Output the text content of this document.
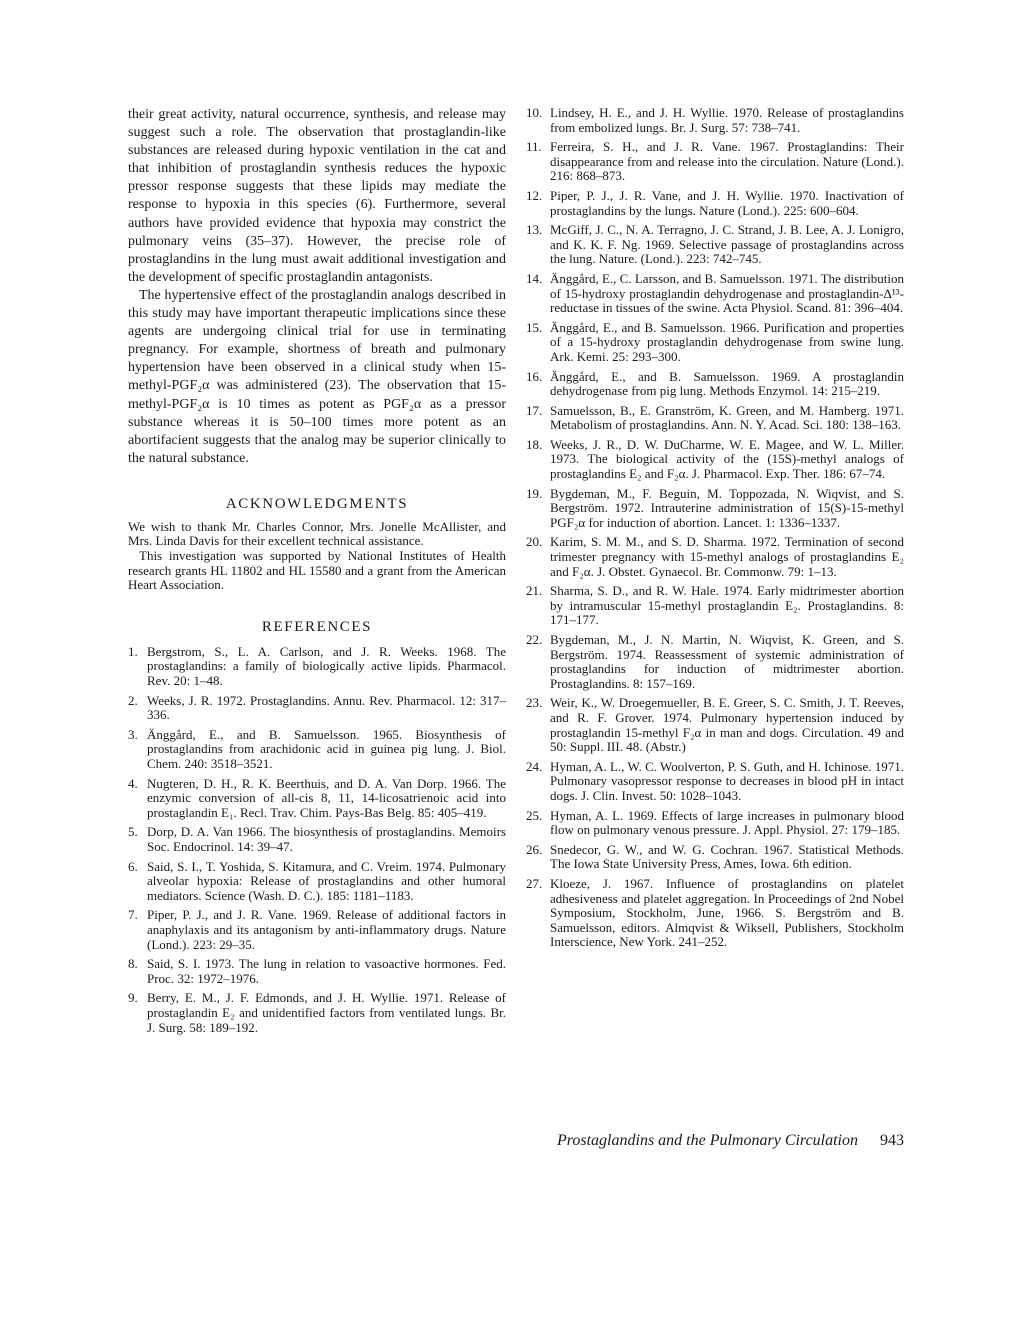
their great activity, natural occurrence, synthesis, and release may suggest such a role. The observation that prostaglandin-like substances are released during hypoxic ventilation in the cat and that inhibition of prostaglandin synthesis reduces the hypoxic pressor response suggests that these lipids may mediate the response to hypoxia in this species (6). Furthermore, several authors have provided evidence that hypoxia may constrict the pulmonary veins (35–37). However, the precise role of prostaglandins in the lung must await additional investigation and the development of specific prostaglandin antagonists.

The hypertensive effect of the prostaglandin analogs described in this study may have important therapeutic implications since these agents are undergoing clinical trial for use in terminating pregnancy. For example, shortness of breath and pulmonary hypertension have been observed in a clinical study when 15-methyl-PGF₂α was administered (23). The observation that 15-methyl-PGF₂α is 10 times as potent as PGF₂α as a pressor substance whereas it is 50–100 times more potent as an abortifacient suggests that the analog may be superior clinically to the natural substance.

ACKNOWLEDGMENTS

We wish to thank Mr. Charles Connor, Mrs. Jonelle McAllister, and Mrs. Linda Davis for their excellent technical assistance.

This investigation was supported by National Institutes of Health research grants HL 11802 and HL 15580 and a grant from the American Heart Association.

REFERENCES
1. Bergstrom, S., L. A. Carlson, and J. R. Weeks. 1968. The prostaglandins: a family of biologically active lipids. Pharmacol. Rev. 20: 1–48.
2. Weeks, J. R. 1972. Prostaglandins. Annu. Rev. Pharmacol. 12: 317–336.
3. Änggård, E., and B. Samuelsson. 1965. Biosynthesis of prostaglandins from arachidonic acid in guinea pig lung. J. Biol. Chem. 240: 3518–3521.
4. Nugteren, D. H., R. K. Beerthuis, and D. A. Van Dorp. 1966. The enzymic conversion of all-cis 8, 11, 14-licosatrienoic acid into prostaglandin E₁. Recl. Trav. Chim. Pays-Bas Belg. 85: 405–419.
5. Dorp, D. A. Van 1966. The biosynthesis of prostaglandins. Memoirs Soc. Endocrinol. 14: 39–47.
6. Said, S. I., T. Yoshida, S. Kitamura, and C. Vreim. 1974. Pulmonary alveolar hypoxia: Release of prostaglandins and other humoral mediators. Science (Wash. D. C.). 185: 1181–1183.
7. Piper, P. J., and J. R. Vane. 1969. Release of additional factors in anaphylaxis and its antagonism by anti-inflammatory drugs. Nature (Lond.). 223: 29–35.
8. Said, S. I. 1973. The lung in relation to vasoactive hormones. Fed. Proc. 32: 1972–1976.
9. Berry, E. M., J. F. Edmonds, and J. H. Wyllie. 1971. Release of prostaglandin E₂ and unidentified factors from ventilated lungs. Br. J. Surg. 58: 189–192.
10. Lindsey, H. E., and J. H. Wyllie. 1970. Release of prostaglandins from embolized lungs. Br. J. Surg. 57: 738–741.
11. Ferreira, S. H., and J. R. Vane. 1967. Prostaglandins: Their disappearance from and release into the circulation. Nature (Lond.). 216: 868–873.
12. Piper, P. J., J. R. Vane, and J. H. Wyllie. 1970. Inactivation of prostaglandins by the lungs. Nature (Lond.). 225: 600–604.
13. McGiff, J. C., N. A. Terragno, J. C. Strand, J. B. Lee, A. J. Lonigro, and K. K. F. Ng. 1969. Selective passage of prostaglandins across the lung. Nature. (Lond.). 223: 742–745.
14. Änggård, E., C. Larsson, and B. Samuelsson. 1971. The distribution of 15-hydroxy prostaglandin dehydrogenase and prostaglandin-Δ¹³-reductase in tissues of the swine. Acta Physiol. Scand. 81: 396–404.
15. Änggård, E., and B. Samuelsson. 1966. Purification and properties of a 15-hydroxy prostaglandin dehydrogenase from swine lung. Ark. Kemi. 25: 293–300.
16. Änggård, E., and B. Samuelsson. 1969. A prostaglandin dehydrogenase from pig lung. Methods Enzymol. 14: 215–219.
17. Samuelsson, B., E. Granström, K. Green, and M. Hamberg. 1971. Metabolism of prostaglandins. Ann. N. Y. Acad. Sci. 180: 138–163.
18. Weeks, J. R., D. W. DuCharme, W. E. Magee, and W. L. Miller. 1973. The biological activity of the (15S)-methyl analogs of prostaglandins E₂ and F₂α. J. Pharmacol. Exp. Ther. 186: 67–74.
19. Bygdeman, M., F. Beguin, M. Toppozada, N. Wiqvist, and S. Bergström. 1972. Intrauterine administration of 15(S)-15-methyl PGF₂α for induction of abortion. Lancet. 1: 1336–1337.
20. Karim, S. M. M., and S. D. Sharma. 1972. Termination of second trimester pregnancy with 15-methyl analogs of prostaglandins E₂ and F₂α. J. Obstet. Gynaecol. Br. Commonw. 79: 1–13.
21. Sharma, S. D., and R. W. Hale. 1974. Early midtrimester abortion by intramuscular 15-methyl prostaglandin E₂. Prostaglandins. 8: 171–177.
22. Bygdeman, M., J. N. Martin, N. Wiqvist, K. Green, and S. Bergström. 1974. Reassessment of systemic administration of prostaglandins for induction of midtrimester abortion. Prostaglandins. 8: 157–169.
23. Weir, K., W. Droegemueller, B. E. Greer, S. C. Smith, J. T. Reeves, and R. F. Grover. 1974. Pulmonary hypertension induced by prostaglandin 15-methyl F₂α in man and dogs. Circulation. 49 and 50: Suppl. III. 48. (Abstr.)
24. Hyman, A. L., W. C. Woolverton, P. S. Guth, and H. Ichinose. 1971. Pulmonary vasopressor response to decreases in blood pH in intact dogs. J. Clin. Invest. 50: 1028–1043.
25. Hyman, A. L. 1969. Effects of large increases in pulmonary blood flow on pulmonary venous pressure. J. Appl. Physiol. 27: 179–185.
26. Snedecor, G. W., and W. G. Cochran. 1967. Statistical Methods. The Iowa State University Press, Ames, Iowa. 6th edition.
27. Kloeze, J. 1967. Influence of prostaglandins on platelet adhesiveness and platelet aggregation. In Proceedings of 2nd Nobel Symposium, Stockholm, June, 1966. S. Bergström and B. Samuelsson, editors. Almqvist & Wiksell, Publishers, Stockholm Interscience, New York. 241–252.
Prostaglandins and the Pulmonary Circulation 943
